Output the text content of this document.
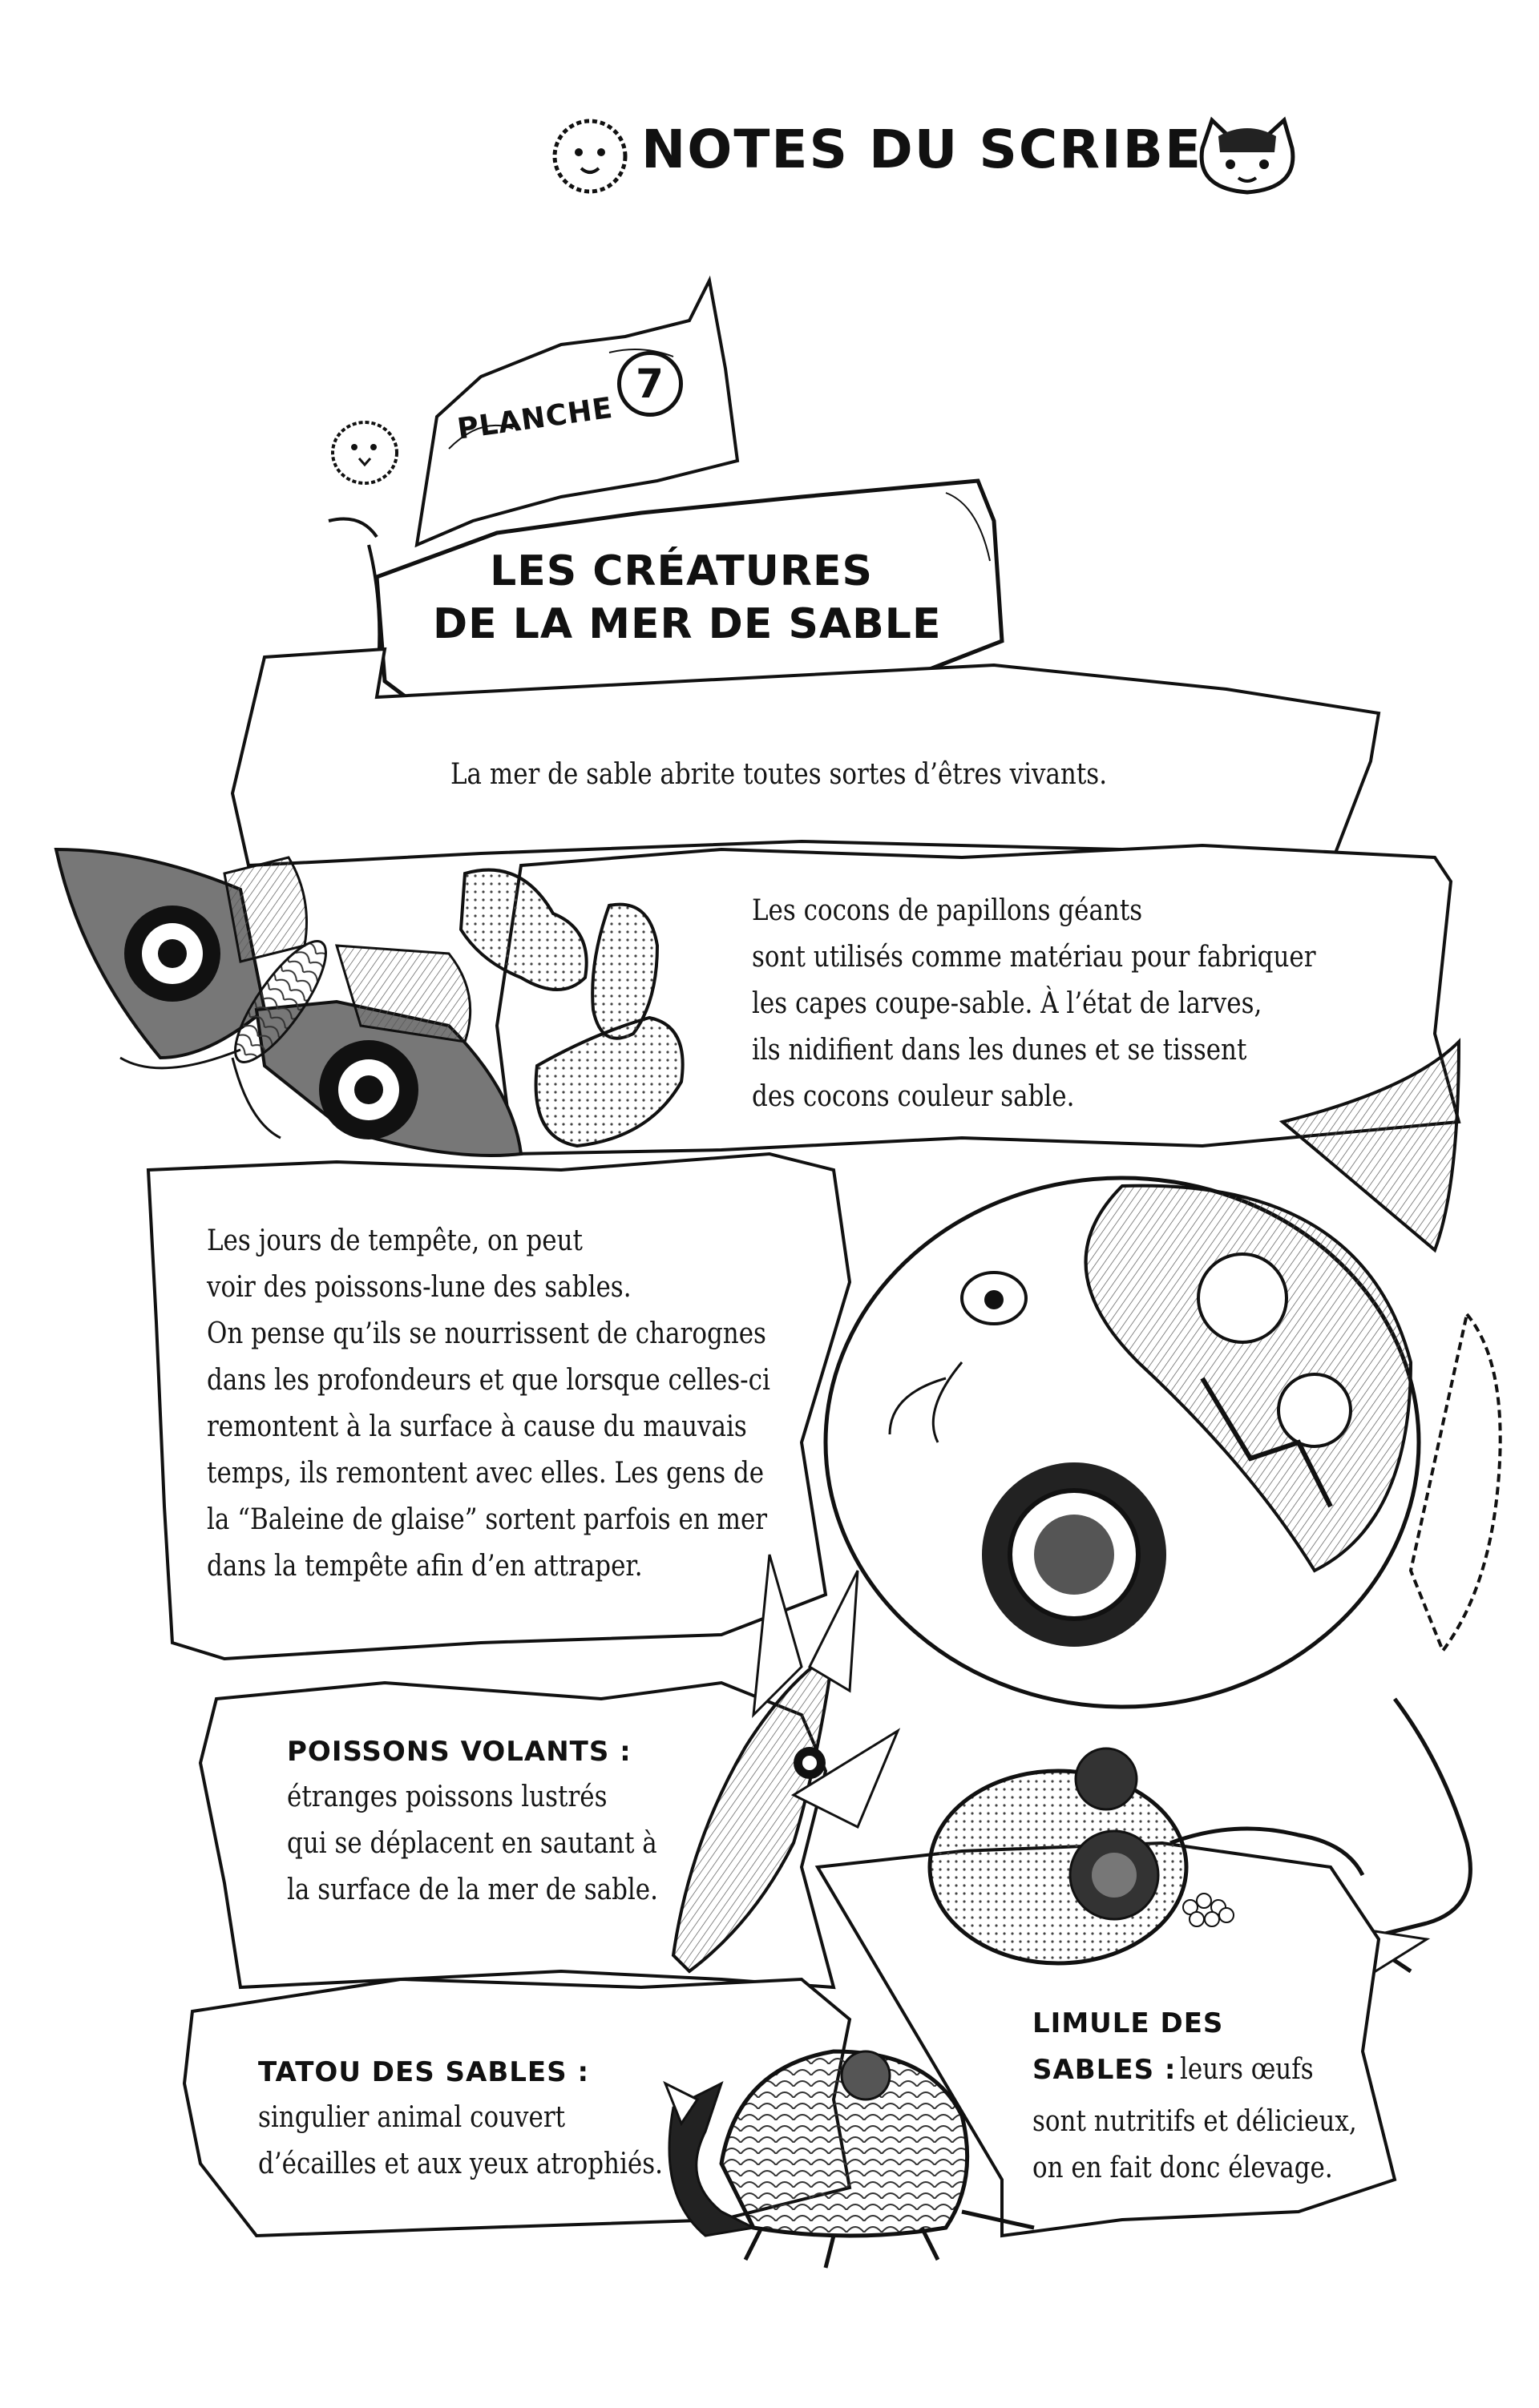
NOTES DU SCRIBE
PLANCHE
7
LES CRÉATURES
DE LA MER DE SABLE
La mer de sable abrite toutes sortes d’êtres vivants.
Les cocons de papillons géants
sont utilisés comme matériau pour fabriquer
les capes coupe-sable. À l’état de larves,
ils nidifient dans les dunes et se tissent
des cocons couleur sable.
Les jours de tempête, on peut
voir des poissons-lune des sables.
On pense qu’ils se nourrissent de charognes
dans les profondeurs et que lorsque celles-ci
remontent à la surface à cause du mauvais
temps, ils remontent avec elles. Les gens de
la “Baleine de glaise” sortent parfois en mer
dans la tempête afin d’en attraper.
POISSONS VOLANTS :
étranges poissons lustrés
qui se déplacent en sautant à
la surface de la mer de sable.
LIMULE DES
SABLES : leurs œufs
sont nutritifs et délicieux,
on en fait donc élevage.
TATOU DES SABLES :
singulier animal couvert
d’écailles et aux yeux atrophiés.
